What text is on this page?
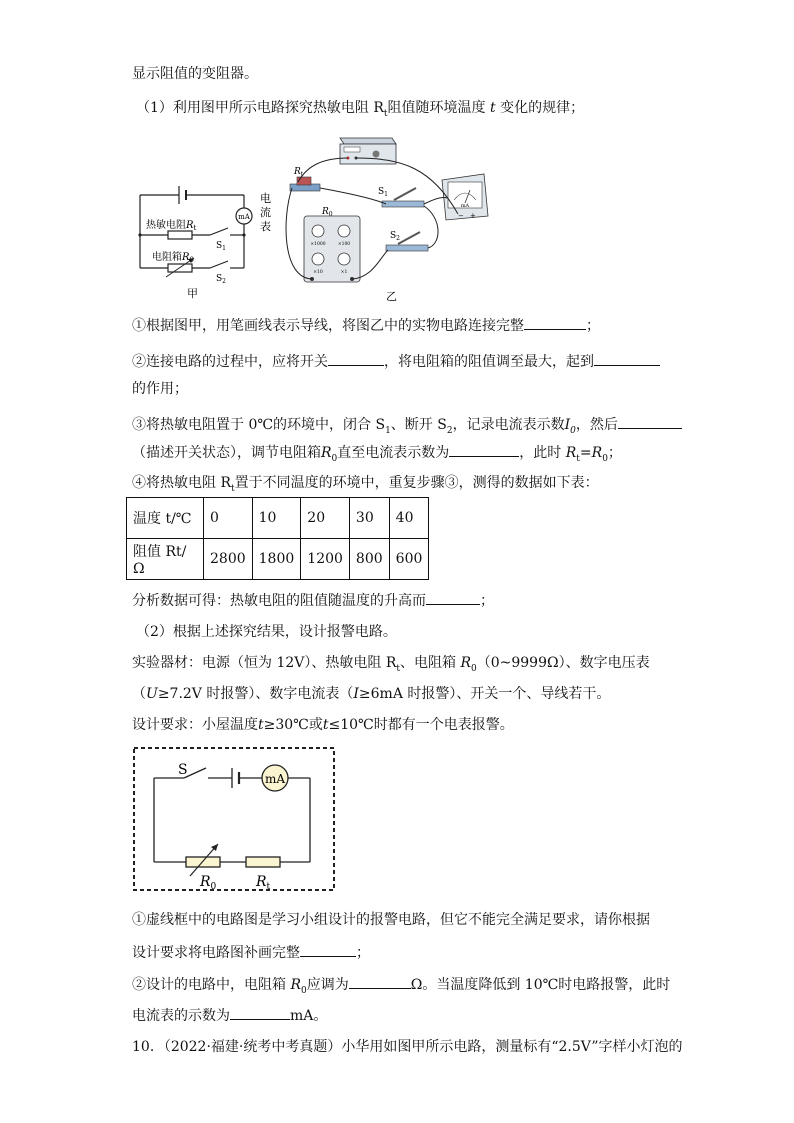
显示阻值的变阻器。
（1）利用图甲所示电路探究热敏电阻 $R_t$阻值随环境温度 t 变化的规律；
mA
热敏电阻$R_t$
电阻箱$R_0$
$S_1$
$S_2$
电
流
表
甲
$R_t$
$R_0$
×1000	×100
×10	×1
$S_1$
$S_2$
mA
− +
乙
①根据图甲，用笔画线表示导线，将图乙中的实物电路连接完整	；
②连接电路的过程中，应将开关	，将电阻箱的阻值调至最大，起到
的作用；
③将热敏电阻置于 0℃的环境中，闭合 $S_1$、断开 $S_2$，记录电流表示数$I_0$，然后
（描述开关状态），调节电阻箱$R_0$直至电流表示数为	，此时 $R_t=R_0$；
④将热敏电阻 $R_t$置于不同温度的环境中，重复步骤③，测得的数据如下表：
温度 t/℃	0	10	20	30	40
阻值 Rt/Ω	2800	1800	1200	800	600
分析数据可得：热敏电阻的阻值随温度的升高而	；
（2）根据上述探究结果，设计报警电路。
实验器材：电源（恒为 12V）、热敏电阻 $R_t$、电阻箱 $R_0(0\sim 9999\Omega)$、数字电压表
（U≥7.2V 时报警）、数字电流表（I≥6mA 时报警）、开关一个、导线若干。
设计要求：小屋温度t≥30℃或t≤10℃时都有一个电表报警。
mA
S
$R_0$	$R_t$
①虚线框中的电路图是学习小组设计的报警电路，但它不能完全满足要求，请你根据
设计要求将电路图补画完整	；
②设计的电路中，电阻箱 $R_0$应调为	Ω。当温度降低到 10℃时电路报警，此时
电流表的示数为	mA。
10．（2022·福建·统考中考真题）小华用如图甲所示电路，测量标有“2.5V”字样小灯泡的
